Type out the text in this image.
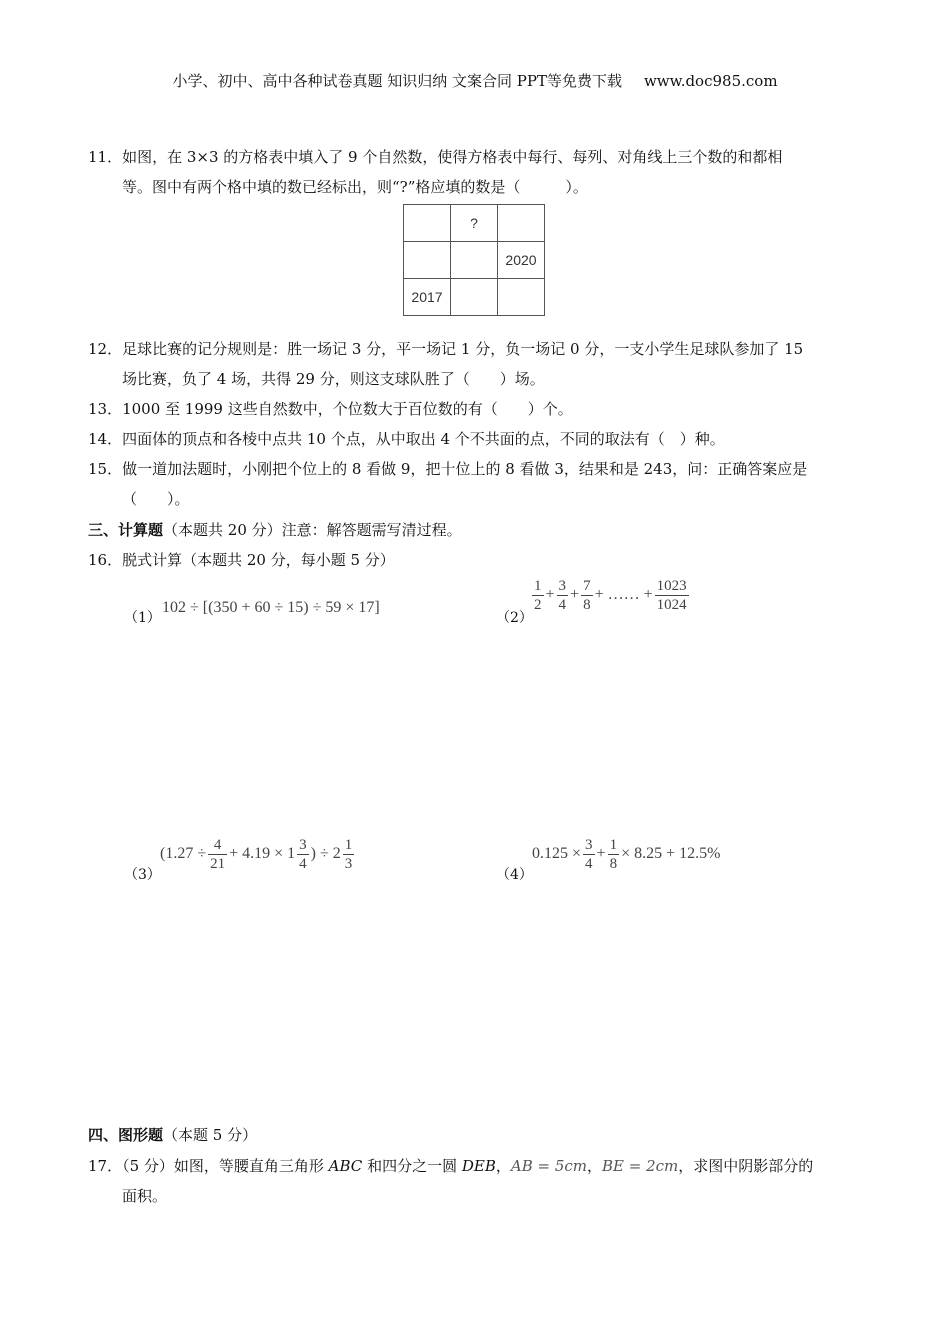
小学、初中、高中各种试卷真题 知识归纳 文案合同 PPT等免费下载 www.doc985.com
11．如图，在 3×3 的方格表中填入了 9 个自然数，使得方格表中每行、每列、对角线上三个数的和都相
等。图中有两个格中填的数已经标出，则“?”格应填的数是（　　　）。
	?	
		2020
2017		
12．足球比赛的记分规则是：胜一场记 3 分，平一场记 1 分，负一场记 0 分，一支小学生足球队参加了 15
场比赛，负了 4 场，共得 29 分，则这支球队胜了（　　）场。
13．1000 至 1999 这些自然数中，个位数大于百位数的有（　　）个。
14．四面体的顶点和各棱中点共 10 个点，从中取出 4 个不共面的点，不同的取法有（　）种。
15．做一道加法题时，小刚把个位上的 8 看做 9，把十位上的 8 看做 3，结果和是 243，问：正确答案应是
（　　）。
三、计算题（本题共 20 分）注意：解答题需写清过程。
16．脱式计算（本题共 20 分，每小题 5 分）
（1）
102 ÷ [(350 + 60 ÷ 15) ÷ 59 × 17]
（2）
$\frac{1}{2} + \frac{3}{4} + \frac{7}{8}$ + …… + $\frac{1023}{1024}$
（3）
($1.27 \div \frac{4}{21} + 4.19 \times 1 \frac{3}{4}$ ) ÷ $2 \frac{1}{3}$
（4）
$0.125 \times \frac{3}{4} + \frac{1}{8} \times 8.25 + 12.5\%$
四、图形题（本题 5 分）
17．（5 分）如图，等腰直角三角形 ABC 和四分之一圆 DEB，AB = 5cm，BE = 2cm，求图中阴影部分的
面积。
